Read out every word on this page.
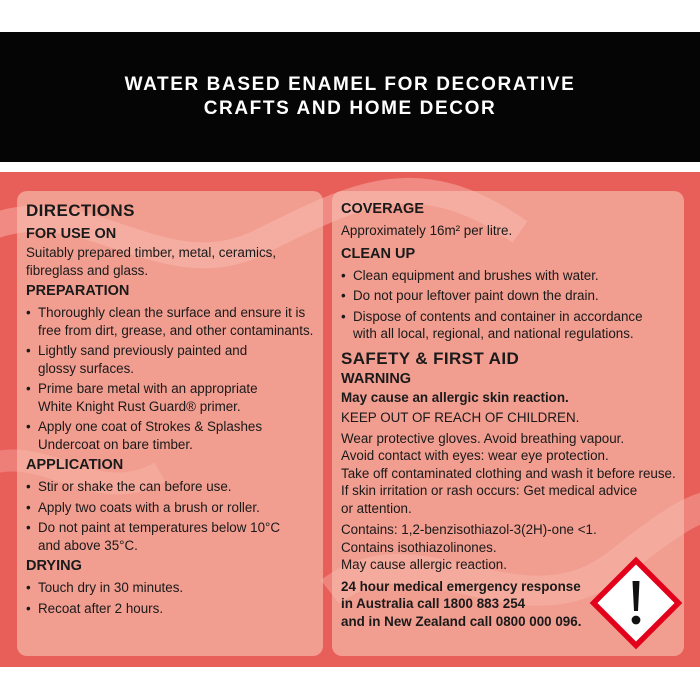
WATER BASED ENAMEL FOR DECORATIVE
CRAFTS AND HOME DECOR
DIRECTIONS
FOR USE ON
Suitably prepared timber, metal, ceramics,
fibreglass and glass.
PREPARATION
• Thoroughly clean the surface and ensure it is
free from dirt, grease, and other contaminants.
• Lightly sand previously painted and
glossy surfaces.
• Prime bare metal with an appropriate
White Knight Rust Guard® primer.
• Apply one coat of Strokes & Splashes
Undercoat on bare timber.
APPLICATION
• Stir or shake the can before use.
• Apply two coats with a brush or roller.
• Do not paint at temperatures below 10°C
and above 35°C.
DRYING
• Touch dry in 30 minutes.
• Recoat after 2 hours.
COVERAGE
Approximately 16m² per litre.
CLEAN UP
• Clean equipment and brushes with water.
• Do not pour leftover paint down the drain.
• Dispose of contents and container in accordance
with all local, regional, and national regulations.
SAFETY & FIRST AID
WARNING
May cause an allergic skin reaction.
KEEP OUT OF REACH OF CHILDREN.
Wear protective gloves. Avoid breathing vapour.
Avoid contact with eyes: wear eye protection.
Take off contaminated clothing and wash it before reuse.
If skin irritation or rash occurs: Get medical advice
or attention.
Contains: 1,2-benzisothiazol-3(2H)-one <1.
Contains isothiazolinones.
May cause allergic reaction.
24 hour medical emergency response
in Australia call 1800 883 254
and in New Zealand call 0800 000 096.
